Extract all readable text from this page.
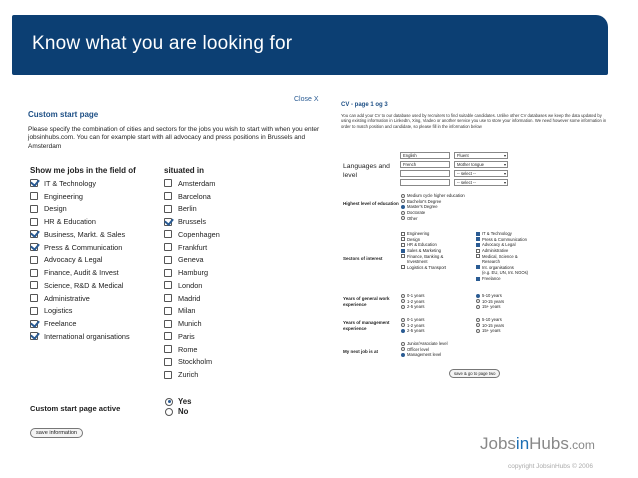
Know what you are looking for
Close X
Custom start page
Please specify the combination of cities and sectors for the jobs you wish to start with when you enter jobsinhubs.com. You can for example start with all advocacy and press positions in Brussels and Amsterdam
Show me jobs in the field of	situated in
IT & Technology
Engineering
Design
HR & Education
Business, Markt. & Sales
Press & Communication
Advocacy & Legal
Finance, Audit & Invest
Science, R&D & Medical
Administrative
Logistics
Freelance
International organisations
Amsterdam
Barcelona
Berlin
Brussels
Copenhagen
Frankfurt
Geneva
Hamburg
London
Madrid
Milan
Munich
Paris
Rome
Stockholm
Zurich
Custom start page active
Yes
No
save information
CV - page 1 og 3
You can add your CV to our database used by recruiters to find suitable candidates. Unlike other CV databases we keep the data updated by using existing information in LinkedIn, Xing, Viadeo or another service you use to store your information. We need however some information in order to match position and candidate, so please fill in the information below
Languages and level
English	Fluent ▾
French	Mother tongue ▾
-- select -- ▾
-- select -- ▾
Highest level of education
Medium cycle higher education
Bachelor's Degree
Master's Degree
Doctorate
Other
Sectors of interest
Engineering
Design
HR & Education
Sales & Marketing
Finance, Banking &
Investment
Logistics & Transport
IT & Technology
Press & Communication
Advocacy & Legal
Administrative
Medical, Science &
Research
Int. organisations
(e.g. EU, UN, Int. NGOs)
Freelance
Years of general work experience
0-1 years
1-2 years
2-5 years
5-10 years
10-15 years
15+ years
Years of management experience
0-1 years
1-2 years
2-5 years
5-10 years
10-15 years
15+ years
My next job is at
Junior/Associate level
Officer level
Management level
save & go to page two
JobsinHubs.com
copyright JobsinHubs © 2006
